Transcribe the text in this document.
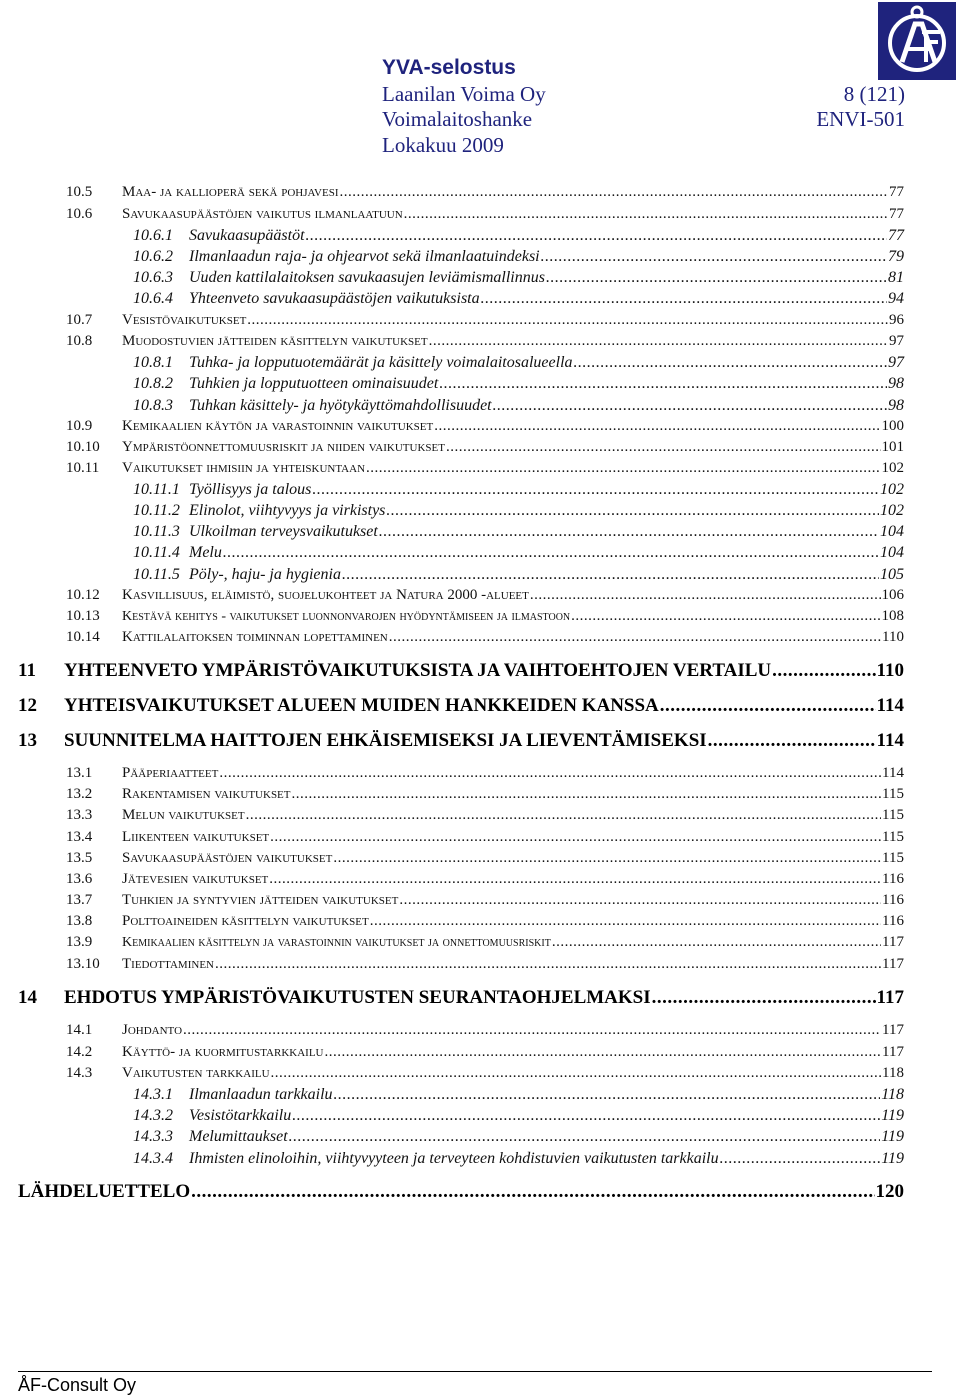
YVA-selostus
Laanilan Voima Oy
Voimalaitoshanke
Lokakuu 2009
8 (121)
ENVI-501
10.5	Maa- ja kallioperä sekä pohjavesi .....	77
10.6	Savukaasupäästöjen vaikutus ilmanlaatuun .....	77
10.6.1	Savukaasupäästöt .....	77
10.6.2	Ilmanlaadun raja- ja ohjearvot sekä ilmanlaatuindeksi .....	79
10.6.3	Uuden kattilalaitoksen savukaasujen leviämismallinnus .....	81
10.6.4	Yhteenveto savukaasupäästöjen vaikutuksista .....	94
10.7	Vesistövaikutukset .....	96
10.8	Muodostuvien jätteiden käsittelyn vaikutukset .....	97
10.8.1	Tuhka- ja lopputuotemäärät ja käsittely voimalaitosalueella .....	97
10.8.2	Tuhkien ja lopputuotteen ominaisuudet .....	98
10.8.3	Tuhkan käsittely- ja hyötykäyttömahdollisuudet .....	98
10.9	Kemikaalien käytön ja varastoinnin vaikutukset .....	100
10.10	Ympäristöonnettomuusriskit ja niiden vaikutukset .....	101
10.11	Vaikutukset ihmisiin ja yhteiskuntaan .....	102
10.11.1 Työllisyys ja talous .....	102
10.11.2 Elinolot, viihtyvyys ja virkistys .....	102
10.11.3 Ulkoilman terveysvaikutukset .....	104
10.11.4 Melu .....	104
10.11.5 Pöly-, haju- ja hygienia .....	105
10.12	Kasvillisuus, eläimistö, suojelukohteet ja Natura 2000 -alueet .....	106
10.13	Kestävä kehitys - vaikutukset luonnonvarojen hyödyntämiseen ja ilmastoon .....	108
10.14	Kattilalaitoksen toiminnan lopettaminen .....	110
11	YHTEENVETO YMPÄRISTÖVAIKUTUKSISTA JA VAIHTOEHTOJEN VERTAILU .....	110
12	YHTEISVAIKUTUKSET ALUEEN MUIDEN HANKKEIDEN KANSSA .....	114
13	SUUNNITELMA HAITTOJEN EHKÄISEMISEKSI JA LIEVENTÄMISEKSI .....	114
13.1	Pääperiaatteet .....	114
13.2	Rakentamisen vaikutukset .....	115
13.3	Melun vaikutukset .....	115
13.4	Liikenteen vaikutukset .....	115
13.5	Savukaasupäästöjen vaikutukset .....	115
13.6	Jätevesien vaikutukset .....	116
13.7	Tuhkien ja syntyvien jätteiden vaikutukset .....	116
13.8	Polttoaineiden käsittelyn vaikutukset .....	116
13.9	Kemikaalien käsittelyn ja varastoinnin vaikutukset ja onnettomuusriskit .....	117
13.10	Tiedottaminen .....	117
14	EHDOTUS YMPÄRISTÖVAIKUTUSTEN SEURANTAOHJELMAKSI .....	117
14.1	Johdanto .....	117
14.2	Käyttö- ja kuormitustarkkailu .....	117
14.3	Vaikutusten tarkkailu .....	118
14.3.1	Ilmanlaadun tarkkailu .....	118
14.3.2	Vesistötarkkailu .....	119
14.3.3	Melumittaukset .....	119
14.3.4	Ihmisten elinoloihin, viihtyvyyteen ja terveyteen kohdistuvien vaikutusten tarkkailu .....	119
LÄHDELUETTELO .....	120
ÅF-Consult Oy
